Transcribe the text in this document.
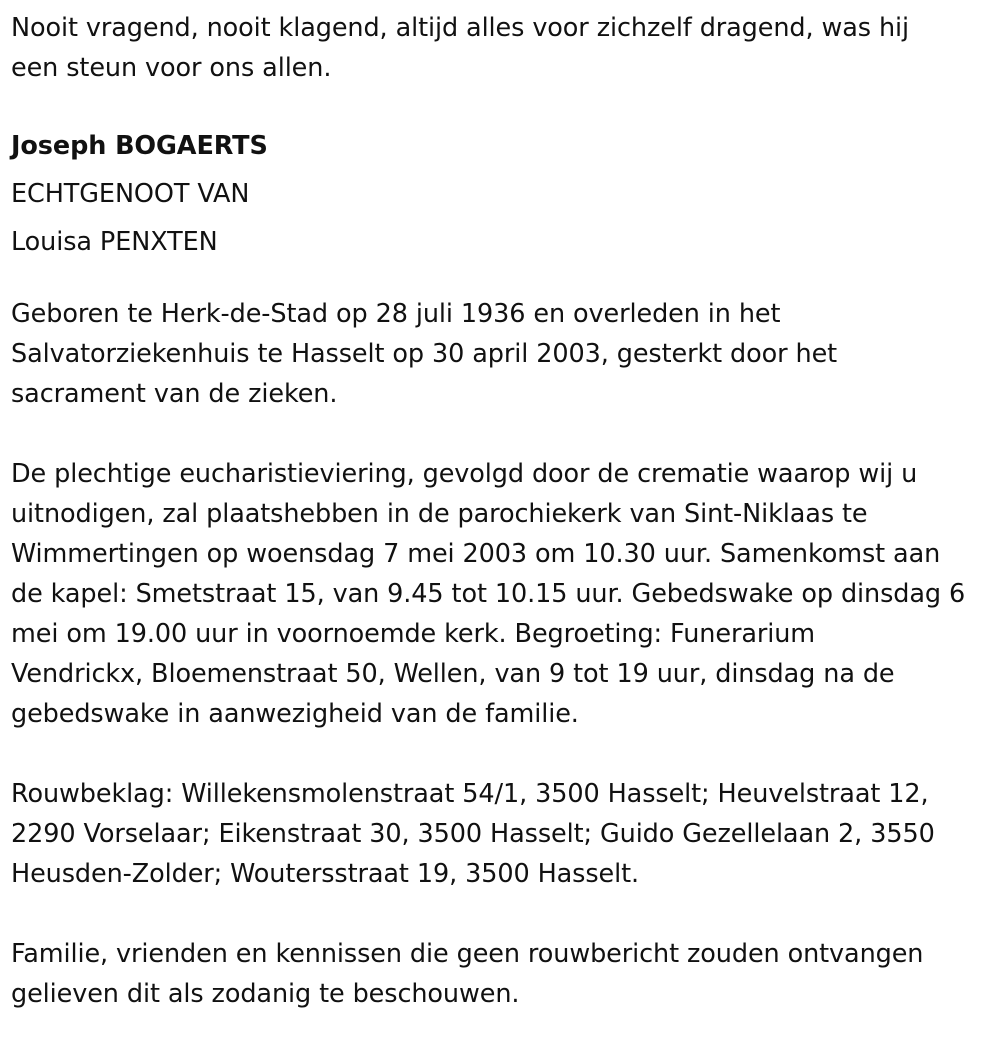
Nooit vragend, nooit klagend, altijd alles voor zichzelf dragend, was hij
een steun voor ons allen.

Joseph BOGAERTS
ECHTGENOOT VAN
Louisa PENXTEN

Geboren te Herk-de-Stad op 28 juli 1936 en overleden in het
Salvatorziekenhuis te Hasselt op 30 april 2003, gesterkt door het
sacrament van de zieken.

De plechtige eucharistieviering, gevolgd door de crematie waarop wij u
uitnodigen, zal plaatshebben in de parochiekerk van Sint-Niklaas te
Wimmertingen op woensdag 7 mei 2003 om 10.30 uur. Samenkomst aan
de kapel: Smetstraat 15, van 9.45 tot 10.15 uur. Gebedswake op dinsdag 6
mei om 19.00 uur in voornoemde kerk. Begroeting: Funerarium
Vendrickx, Bloemenstraat 50, Wellen, van 9 tot 19 uur, dinsdag na de
gebedswake in aanwezigheid van de familie.

Rouwbeklag: Willekensmolenstraat 54/1, 3500 Hasselt; Heuvelstraat 12,
2290 Vorselaar; Eikenstraat 30, 3500 Hasselt; Guido Gezellelaan 2, 3550
Heusden-Zolder; Woutersstraat 19, 3500 Hasselt.

Familie, vrienden en kennissen die geen rouwbericht zouden ontvangen
gelieven dit als zodanig te beschouwen.
